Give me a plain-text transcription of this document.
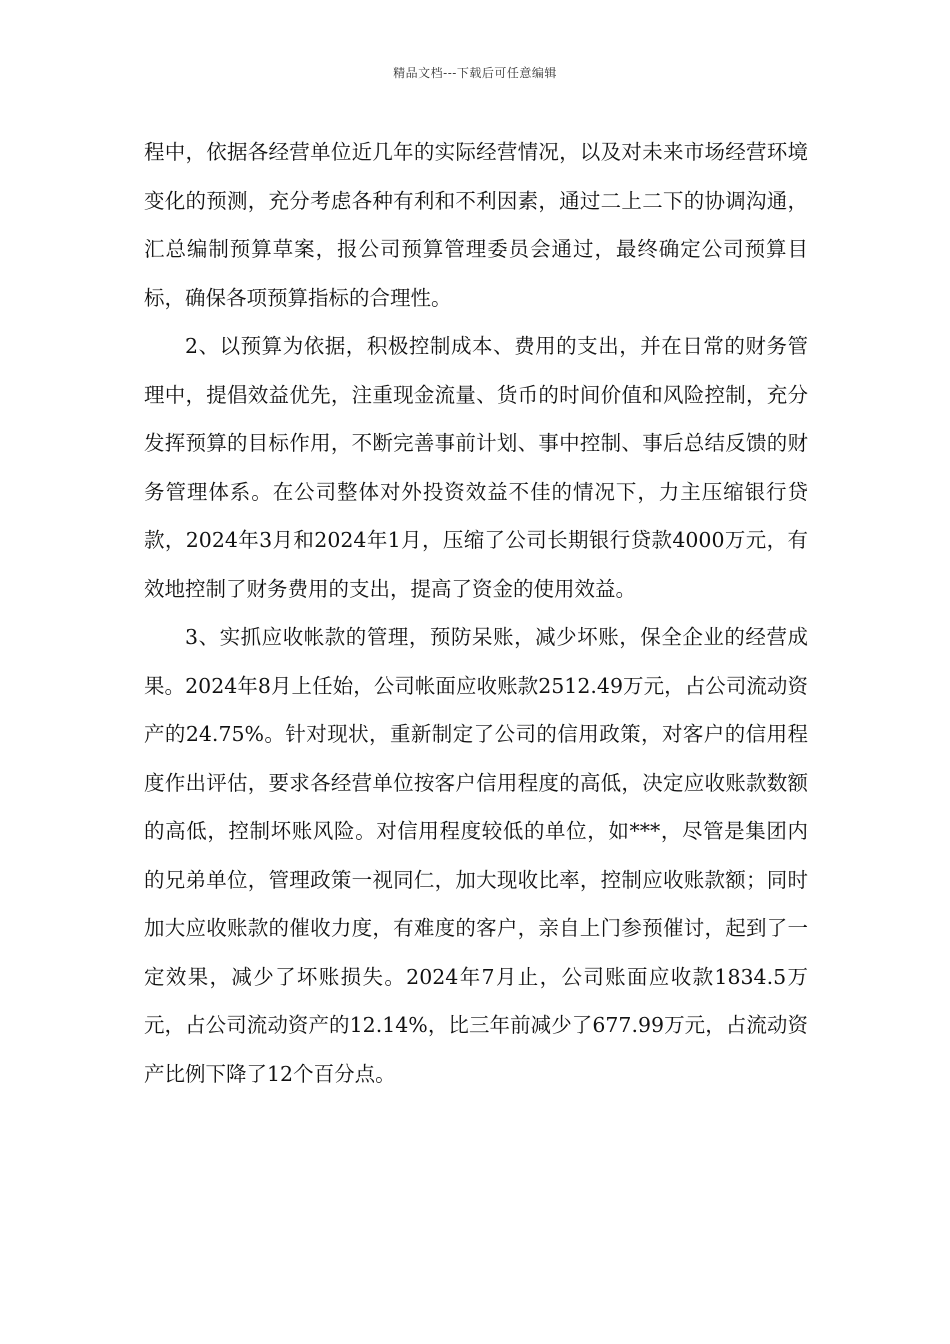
精品文档---下载后可任意编辑

程中，依据各经营单位近几年的实际经营情况，以及对未来市场经营环境变化的预测，充分考虑各种有利和不利因素，通过二上二下的协调沟通，汇总编制预算草案，报公司预算管理委员会通过，最终确定公司预算目标，确保各项预算指标的合理性。

2、以预算为依据，积极控制成本、费用的支出，并在日常的财务管理中，提倡效益优先，注重现金流量、货币的时间价值和风险控制，充分发挥预算的目标作用，不断完善事前计划、事中控制、事后总结反馈的财务管理体系。在公司整体对外投资效益不佳的情况下，力主压缩银行贷款，2024年3月和2024年1月，压缩了公司长期银行贷款4000万元，有效地控制了财务费用的支出，提高了资金的使用效益。

3、实抓应收帐款的管理，预防呆账，减少坏账，保全企业的经营成果。2024年8月上任始，公司帐面应收账款2512.49万元，占公司流动资产的24.75%。针对现状，重新制定了公司的信用政策，对客户的信用程度作出评估，要求各经营单位按客户信用程度的高低，决定应收账款数额的高低，控制坏账风险。对信用程度较低的单位，如***，尽管是集团内的兄弟单位，管理政策一视同仁，加大现收比率，控制应收账款额；同时加大应收账款的催收力度，有难度的客户，亲自上门参预催讨，起到了一定效果，减少了坏账损失。2024年7月止，公司账面应收款1834.5万元，占公司流动资产的12.14%，比三年前减少了677.99万元，占流动资产比例下降了12个百分点。
